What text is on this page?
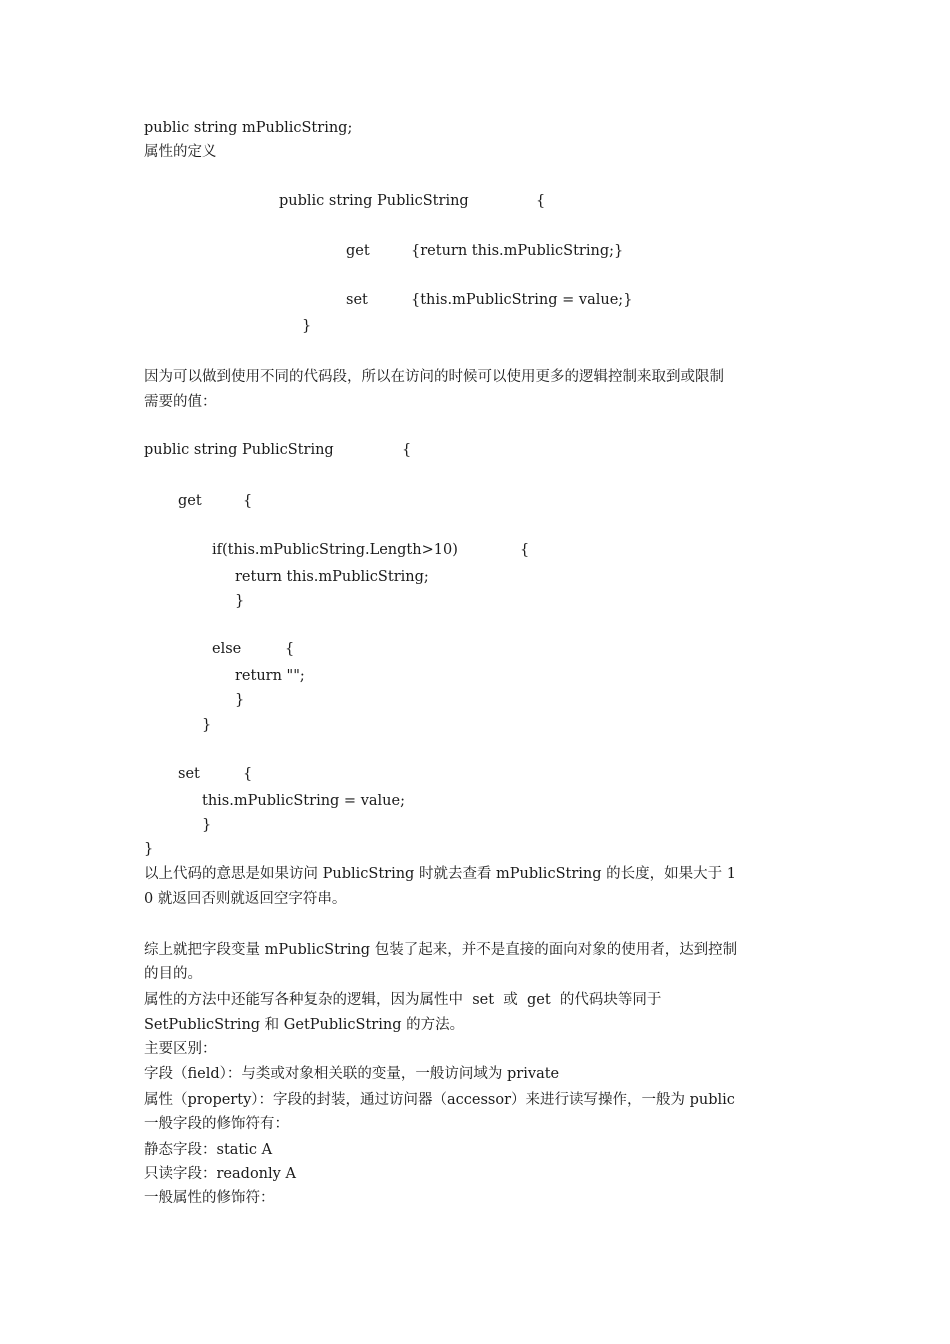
public string mPublicString;
属性的定义
public string PublicString	{
get	{return this.mPublicString;}
set	{this.mPublicString = value;}
}
因为可以做到使用不同的代码段，所以在访问的时候可以使用更多的逻辑控制来取到或限制
需要的值：
public string PublicString	{
get	{
if(this.mPublicString.Length>10)	{
return this.mPublicString;
}
else	{
return "";
}
}
set	{
this.mPublicString = value;
}
}
以上代码的意思是如果访问 PublicString 时就去查看 mPublicString 的长度，如果大于 1
0 就返回否则就返回空字符串。
综上就把字段变量 mPublicString 包装了起来，并不是直接的面向对象的使用者，达到控制
的目的。
属性的方法中还能写各种复杂的逻辑，因为属性中  set  或  get  的代码块等同于
SetPublicString 和 GetPublicString 的方法。
主要区别：
字段（field）：与类或对象相关联的变量，一般访问域为 private
属性（property）：字段的封装，通过访问器（accessor）来进行读写操作，一般为 public
一般字段的修饰符有：
静态字段：static A
只读字段：readonly A
一般属性的修饰符：
